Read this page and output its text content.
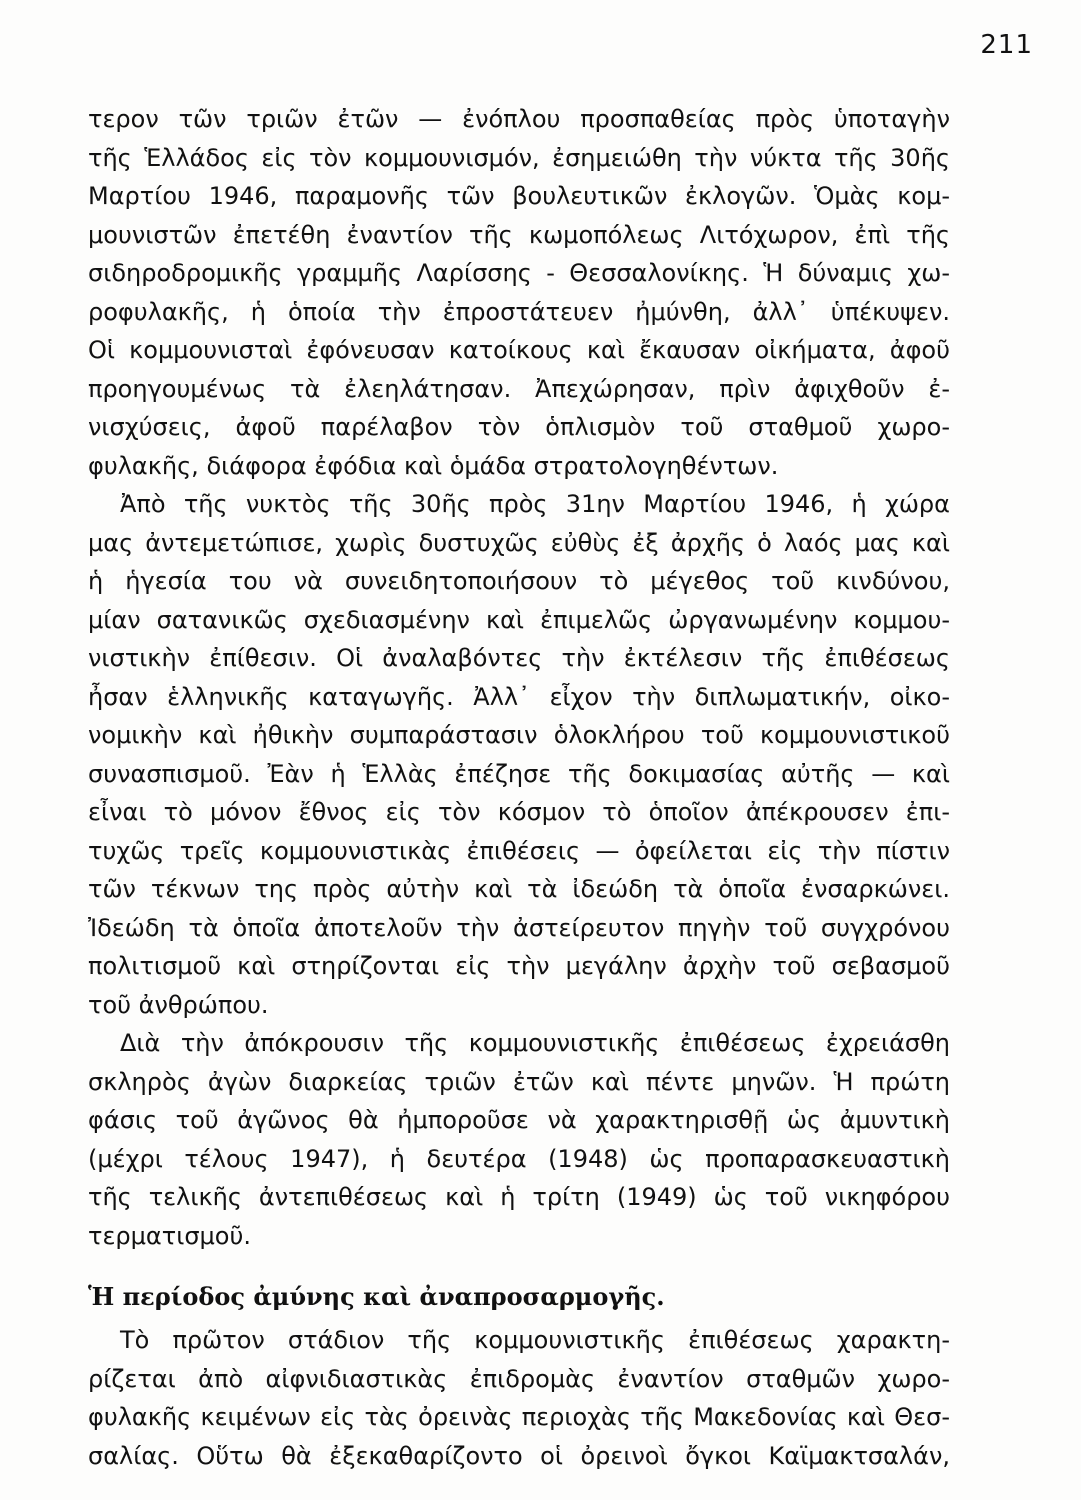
211
τερον τῶν τριῶν ἐτῶν — ἐνόπλου προσπαθείας πρὸς ὑποταγὴν
τῆς Ἑλλάδος εἰς τὸν κομμουνισμόν, ἐσημειώθη τὴν νύκτα τῆς 30ῆς
Μαρτίου 1946, παραμονῆς τῶν βουλευτικῶν ἐκλογῶν. Ὁμὰς κομ-
μουνιστῶν ἐπετέθη ἐναντίον τῆς κωμοπόλεως Λιτόχωρον, ἐπὶ τῆς
σιδηροδρομικῆς γραμμῆς Λαρίσσης - Θεσσαλονίκης. Ἡ δύναμις χω-
ροφυλακῆς, ἡ ὁποία τὴν ἐπροστάτευεν ἠμύνθη, ἀλλ᾽ ὑπέκυψεν.
Οἱ κομμουνισταὶ ἐφόνευσαν κατοίκους καὶ ἔκαυσαν οἰκήματα, ἀφοῦ
προηγουμένως τὰ ἐλεηλάτησαν. Ἀπεχώρησαν, πρὶν ἀφιχθοῦν ἐ-
νισχύσεις, ἀφοῦ παρέλαβον τὸν ὁπλισμὸν τοῦ σταθμοῦ χωρο-
φυλακῆς, διάφορα ἐφόδια καὶ ὁμάδα στρατολογηθέντων.
Ἀπὸ τῆς νυκτὸς τῆς 30ῆς πρὸς 31ην Μαρτίου 1946, ἡ χώρα
μας ἀντεμετώπισε, χωρὶς δυστυχῶς εὐθὺς ἐξ ἀρχῆς ὁ λαός μας καὶ
ἡ ἡγεσία του νὰ συνειδητοποιήσουν τὸ μέγεθος τοῦ κινδύνου,
μίαν σατανικῶς σχεδιασμένην καὶ ἐπιμελῶς ὠργανωμένην κομμου-
νιστικὴν ἐπίθεσιν. Οἱ ἀναλαβόντες τὴν ἐκτέλεσιν τῆς ἐπιθέσεως
ἦσαν ἑλληνικῆς καταγωγῆς. Ἀλλ᾽ εἶχον τὴν διπλωματικήν, οἰκο-
νομικὴν καὶ ἠθικὴν συμπαράστασιν ὁλοκλήρου τοῦ κομμουνιστικοῦ
συνασπισμοῦ. Ἐὰν ἡ Ἑλλὰς ἐπέζησε τῆς δοκιμασίας αὐτῆς — καὶ
εἶναι τὸ μόνον ἔθνος εἰς τὸν κόσμον τὸ ὁποῖον ἀπέκρουσεν ἐπι-
τυχῶς τρεῖς κομμουνιστικὰς ἐπιθέσεις — ὀφείλεται εἰς τὴν πίστιν
τῶν τέκνων της πρὸς αὐτὴν καὶ τὰ ἰδεώδη τὰ ὁποῖα ἐνσαρκώνει.
Ἰδεώδη τὰ ὁποῖα ἀποτελοῦν τὴν ἀστείρευτον πηγὴν τοῦ συγχρόνου
πολιτισμοῦ καὶ στηρίζονται εἰς τὴν μεγάλην ἀρχὴν τοῦ σεβασμοῦ
τοῦ ἀνθρώπου.
Διὰ τὴν ἀπόκρουσιν τῆς κομμουνιστικῆς ἐπιθέσεως ἐχρειάσθη
σκληρὸς ἀγὼν διαρκείας τριῶν ἐτῶν καὶ πέντε μηνῶν. Ἡ πρώτη
φάσις τοῦ ἀγῶνος θὰ ἠμποροῦσε νὰ χαρακτηρισθῇ ὡς ἀμυντικὴ
(μέχρι τέλους 1947), ἡ δευτέρα (1948) ὡς προπαρασκευαστικὴ
τῆς τελικῆς ἀντεπιθέσεως καὶ ἡ τρίτη (1949) ὡς τοῦ νικηφόρου
τερματισμοῦ.
Ἡ περίοδος ἀμύνης καὶ ἀναπροσαρμογῆς.
Τὸ πρῶτον στάδιον τῆς κομμουνιστικῆς ἐπιθέσεως χαρακτη-
ρίζεται ἀπὸ αἰφνιδιαστικὰς ἐπιδρομὰς ἐναντίον σταθμῶν χωρο-
φυλακῆς κειμένων εἰς τὰς ὀρεινὰς περιοχὰς τῆς Μακεδονίας καὶ Θεσ-
σαλίας. Οὕτω θὰ ἐξεκαθαρίζοντο οἱ ὀρεινοὶ ὄγκοι Καϊμακτσαλάν,
